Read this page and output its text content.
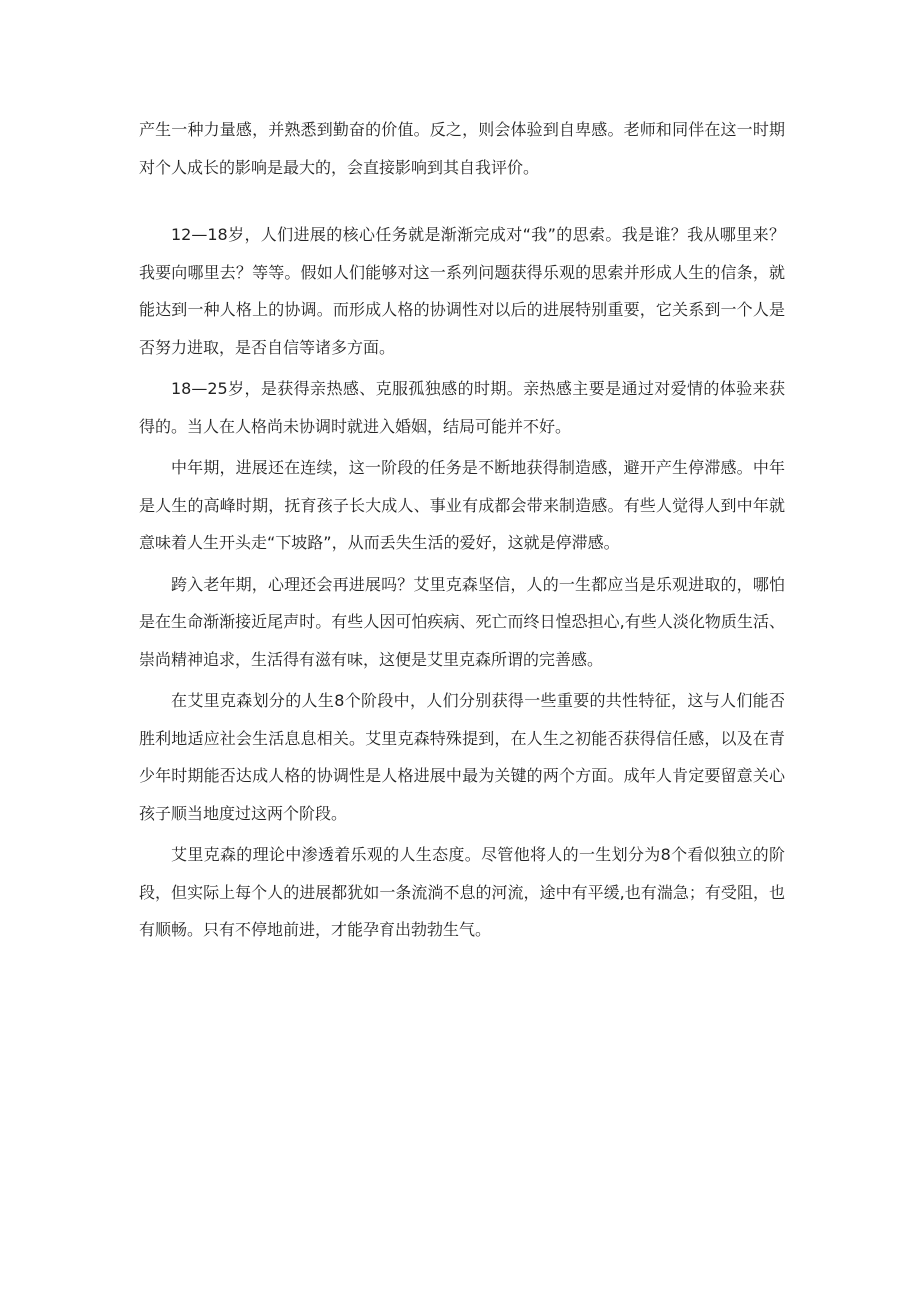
产生一种力量感，并熟悉到勤奋的价值。反之，则会体验到自卑感。老师和同伴在这一时期对个人成长的影响是最大的，会直接影响到其自我评价。

12—18岁，人们进展的核心任务就是渐渐完成对“我”的思索。我是谁？我从哪里来？我要向哪里去？等等。假如人们能够对这一系列问题获得乐观的思索并形成人生的信条，就能达到一种人格上的协调。而形成人格的协调性对以后的进展特别重要，它关系到一个人是否努力进取，是否自信等诸多方面。

18—25岁，是获得亲热感、克服孤独感的时期。亲热感主要是通过对爱情的体验来获得的。当人在人格尚未协调时就进入婚姻，结局可能并不好。

中年期，进展还在连续，这一阶段的任务是不断地获得制造感，避开产生停滞感。中年是人生的高峰时期，抚育孩子长大成人、事业有成都会带来制造感。有些人觉得人到中年就意味着人生开头走“下坡路”，从而丢失生活的爱好，这就是停滞感。

跨入老年期，心理还会再进展吗？艾里克森坚信，人的一生都应当是乐观进取的，哪怕是在生命渐渐接近尾声时。有些人因可怕疾病、死亡而终日惶恐担心,有些人淡化物质生活、崇尚精神追求，生活得有滋有味，这便是艾里克森所谓的完善感。

在艾里克森划分的人生8个阶段中，人们分别获得一些重要的共性特征，这与人们能否胜利地适应社会生活息息相关。艾里克森特殊提到，在人生之初能否获得信任感，以及在青少年时期能否达成人格的协调性是人格进展中最为关键的两个方面。成年人肯定要留意关心孩子顺当地度过这两个阶段。

艾里克森的理论中渗透着乐观的人生态度。尽管他将人的一生划分为8个看似独立的阶段，但实际上每个人的进展都犹如一条流淌不息的河流，途中有平缓,也有湍急；有受阻，也有顺畅。只有不停地前进，才能孕育出勃勃生气。
